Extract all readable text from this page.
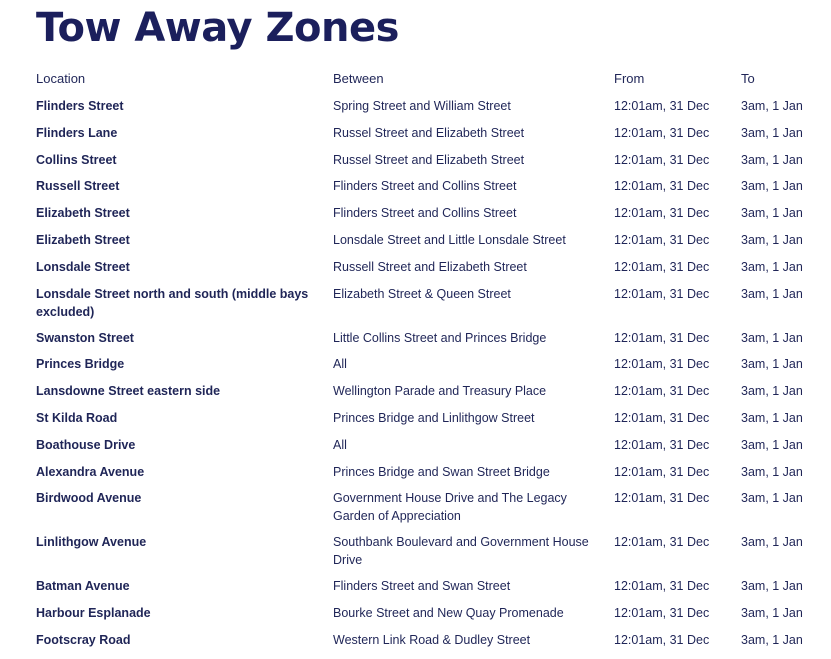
Tow Away Zones
Location	Between	From	To

Flinders Street	Spring Street and William Street	12:01am, 31 Dec	3am, 1 Jan

Flinders Lane	Russel Street and Elizabeth Street	12:01am, 31 Dec	3am, 1 Jan

Collins Street	Russel Street and Elizabeth Street	12:01am, 31 Dec	3am, 1 Jan

Russell Street	Flinders Street and Collins Street	12:01am, 31 Dec	3am, 1 Jan

Elizabeth Street	Flinders Street and Collins Street	12:01am, 31 Dec	3am, 1 Jan

Elizabeth Street	Lonsdale Street and Little Lonsdale Street	12:01am, 31 Dec	3am, 1 Jan

Lonsdale Street	Russell Street and Elizabeth Street	12:01am, 31 Dec	3am, 1 Jan

Lonsdale Street north and south (middle bays excluded)	Elizabeth Street & Queen Street	12:01am, 31 Dec	3am, 1 Jan

Swanston Street	Little Collins Street and Princes Bridge	12:01am, 31 Dec	3am, 1 Jan

Princes Bridge	All	12:01am, 31 Dec	3am, 1 Jan

Lansdowne Street eastern side	Wellington Parade and Treasury Place	12:01am, 31 Dec	3am, 1 Jan

St Kilda Road	Princes Bridge and Linlithgow Street	12:01am, 31 Dec	3am, 1 Jan

Boathouse Drive	All	12:01am, 31 Dec	3am, 1 Jan

Alexandra Avenue	Princes Bridge and Swan Street Bridge	12:01am, 31 Dec	3am, 1 Jan

Birdwood Avenue	Government House Drive and The Legacy Garden of Appreciation	12:01am, 31 Dec	3am, 1 Jan

Linlithgow Avenue	Southbank Boulevard and Government House Drive	12:01am, 31 Dec	3am, 1 Jan

Batman Avenue	Flinders Street and Swan Street	12:01am, 31 Dec	3am, 1 Jan

Harbour Esplanade	Bourke Street and New Quay Promenade	12:01am, 31 Dec	3am, 1 Jan

Footscray Road	Western Link Road & Dudley Street	12:01am, 31 Dec	3am, 1 Jan
